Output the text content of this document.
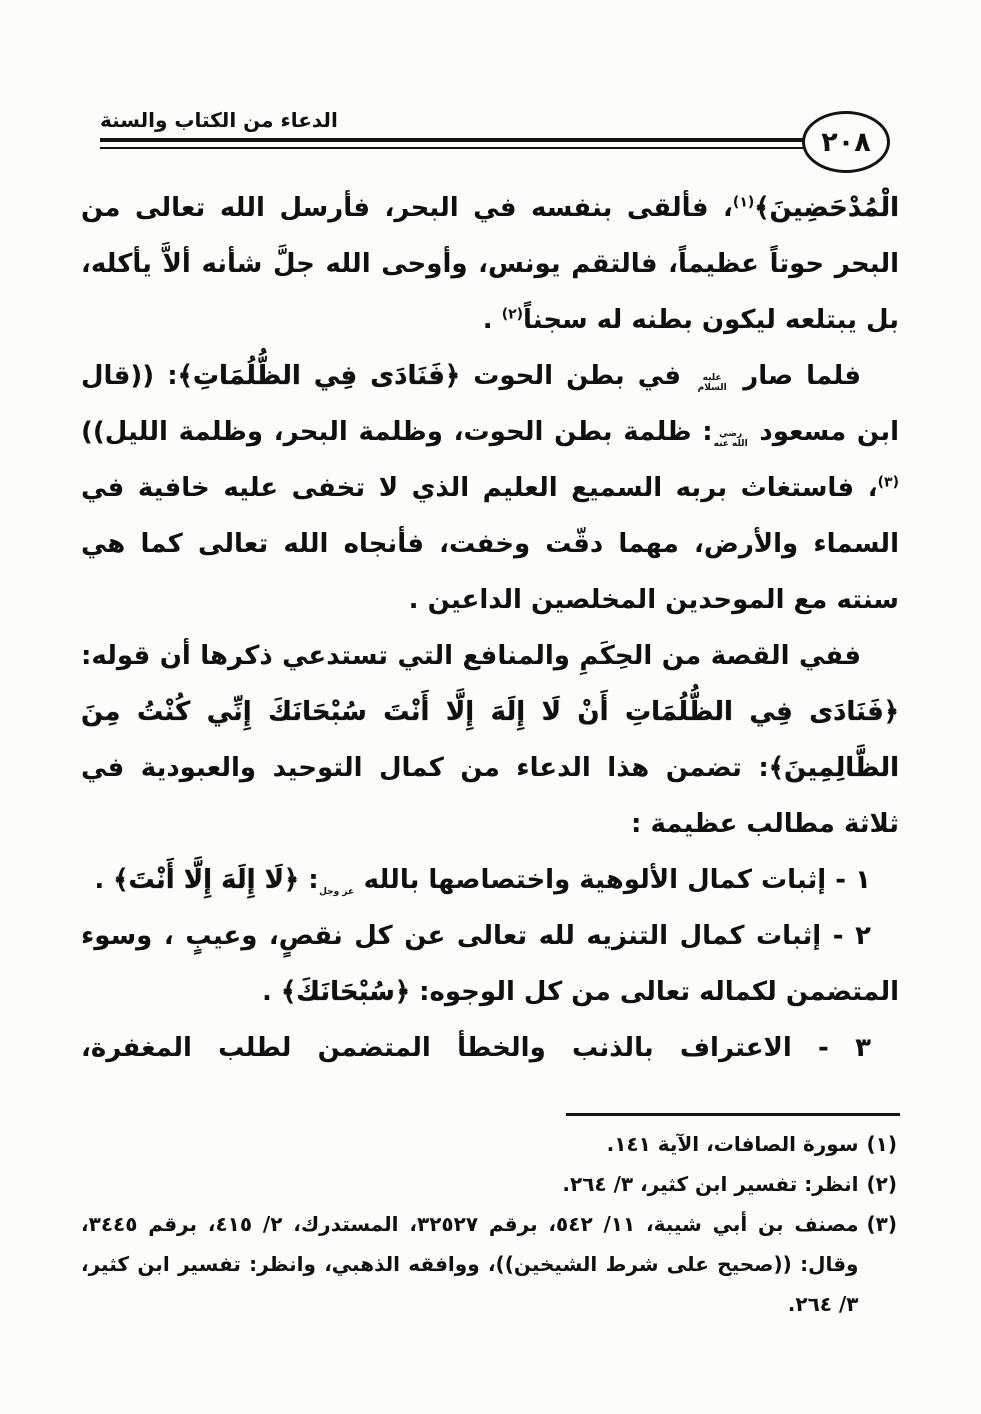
الدعاء من الكتاب والسنة
٢٠٨

الْمُدْحَضِينَ﴾$^{(١)}$، فألقى بنفسه في البحر، فأرسل الله تعالى من البحر حوتاً عظيماً، فالتقم يونس، وأوحى الله جلَّ شأنه ألاَّ يأكله، بل يبتلعه ليكون بطنه له سجناً$^{(٢)}$ .

فلما صار عليه السلام في بطن الحوت ﴿فَنَادَى فِي الظُّلُمَاتِ﴾: ((قال ابن مسعود رضي الله عنه: ظلمة بطن الحوت، وظلمة البحر، وظلمة الليل))$^{(٣)}$، فاستغاث بربه السميع العليم الذي لا تخفى عليه خافية في السماء والأرض، مهما دقّت وخفت، فأنجاه الله تعالى كما هي سنته مع الموحدين المخلصين الداعين .

ففي القصة من الحِكَمِ والمنافع التي تستدعي ذكرها أن قوله: ﴿فَنَادَى فِي الظُّلُمَاتِ أَنْ لَا إِلَهَ إِلَّا أَنْتَ سُبْحَانَكَ إِنِّي كُنْتُ مِنَ الظَّالِمِينَ﴾: تضمن هذا الدعاء من كمال التوحيد والعبودية في ثلاثة مطالب عظيمة :

١ - إثبات كمال الألوهية واختصاصها بالله عز وجل: ﴿لَا إِلَهَ إِلَّا أَنْتَ﴾ .

٢ - إثبات كمال التنزيه لله تعالى عن كل نقصٍ، وعيبٍ ، وسوء المتضمن لكماله تعالى من كل الوجوه: ﴿سُبْحَانَكَ﴾ .

٣ - الاعتراف بالذنب والخطأ المتضمن لطلب المغفرة،

(١)
سورة الصافات، الآية ١٤١.

(٢)
انظر: تفسير ابن كثير، ٣/ ٢٦٤.

(٣)
مصنف بن أبي شيبة، ١١/ ٥٤٢، برقم ٣٢٥٢٧، المستدرك، ٢/ ٤١٥، برقم ٣٤٤٥، وقال: ((صحيح على شرط الشيخين))، ووافقه الذهبي، وانظر: تفسير ابن كثير، ٣/ ٢٦٤.
